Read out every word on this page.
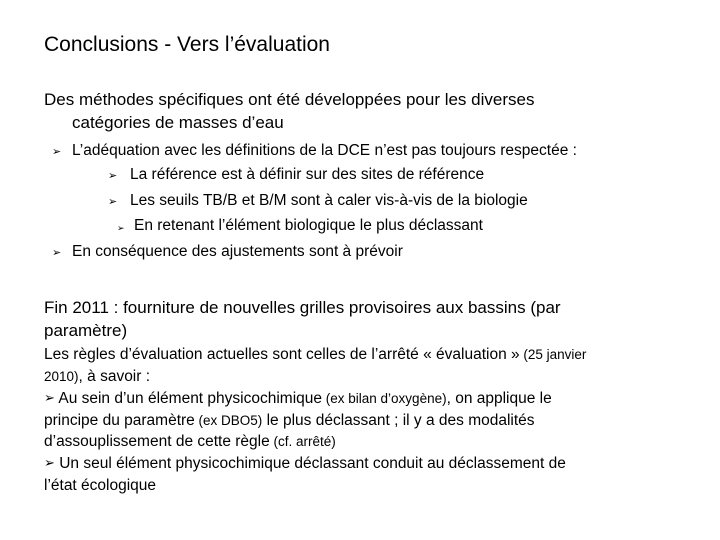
Conclusions - Vers l’évaluation
Des méthodes spécifiques ont été développées pour les diverses
catégories de masses d’eau
➢ L’adéquation avec les définitions de la DCE n’est pas toujours respectée :
➢ La référence est à définir sur des sites de référence
➢ Les seuils TB/B et B/M sont à caler vis-à-vis de la biologie
➢ En retenant l’élément biologique le plus déclassant
➢ En conséquence des ajustements sont à prévoir
Fin 2011 : fourniture de nouvelles grilles provisoires aux bassins (par
paramètre)
Les règles d’évaluation actuelles sont celles de l’arrêté « évaluation » (25 janvier
2010), à savoir :
➢ Au sein d’un élément physicochimique (ex bilan d’oxygène), on applique le
principe du paramètre (ex DBO5) le plus déclassant ; il y a des modalités
d’assouplissement de cette règle (cf. arrêté)
➢ Un seul élément physicochimique déclassant conduit au déclassement de
l’état écologique
